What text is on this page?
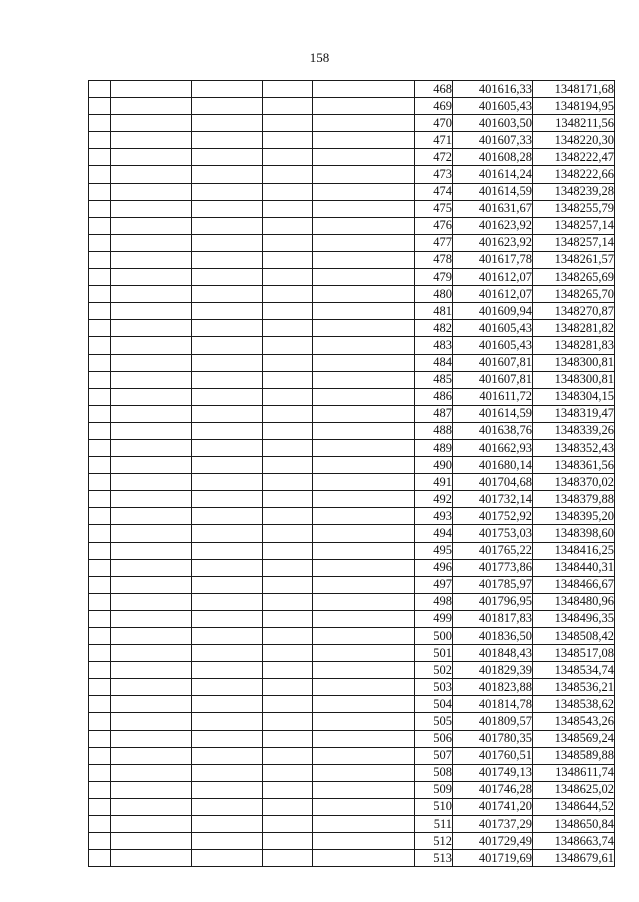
158
					468	401616,33	1348171,68
					469	401605,43	1348194,95
					470	401603,50	1348211,56
					471	401607,33	1348220,30
					472	401608,28	1348222,47
					473	401614,24	1348222,66
					474	401614,59	1348239,28
					475	401631,67	1348255,79
					476	401623,92	1348257,14
					477	401623,92	1348257,14
					478	401617,78	1348261,57
					479	401612,07	1348265,69
					480	401612,07	1348265,70
					481	401609,94	1348270,87
					482	401605,43	1348281,82
					483	401605,43	1348281,83
					484	401607,81	1348300,81
					485	401607,81	1348300,81
					486	401611,72	1348304,15
					487	401614,59	1348319,47
					488	401638,76	1348339,26
					489	401662,93	1348352,43
					490	401680,14	1348361,56
					491	401704,68	1348370,02
					492	401732,14	1348379,88
					493	401752,92	1348395,20
					494	401753,03	1348398,60
					495	401765,22	1348416,25
					496	401773,86	1348440,31
					497	401785,97	1348466,67
					498	401796,95	1348480,96
					499	401817,83	1348496,35
					500	401836,50	1348508,42
					501	401848,43	1348517,08
					502	401829,39	1348534,74
					503	401823,88	1348536,21
					504	401814,78	1348538,62
					505	401809,57	1348543,26
					506	401780,35	1348569,24
					507	401760,51	1348589,88
					508	401749,13	1348611,74
					509	401746,28	1348625,02
					510	401741,20	1348644,52
					511	401737,29	1348650,84
					512	401729,49	1348663,74
					513	401719,69	1348679,61
